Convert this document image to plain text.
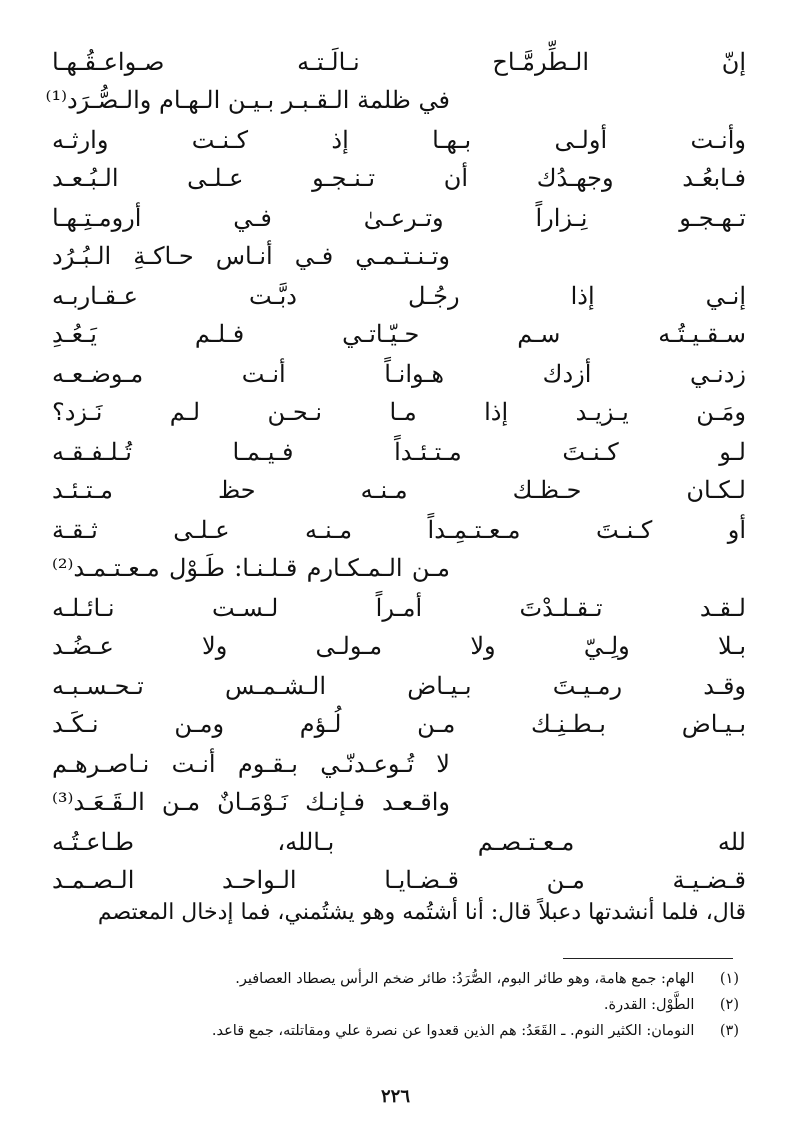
إنّ الـطِّرمَّـاح نـالَـتـه صـواعـقُـهـا
في ظلمة الـقـبـر بـيـن الـهـام والـصُّـرَد⁽¹⁾
وأنـت أولـى بـهـا إذ كـنـت وارثـه
فـابعُـد وجهـدُك أن تـنـجـو عـلـى الـبُـعـد
تـهـجـو نِـزاراً وتـرعـىٰ فـي أرومـتِـهـا
وتـنـتـمـي فـي أنـاس حـاكـةِ الـبُـرُد
إنـي إذا رجُـل دبَّـت عـقـاربـه
سـقـيـتُـه سـم حـيّـاتـي فـلـم يَـعُـدِ
زدنـي أزدك هـوانـاً أنـت مـوضـعـه
ومَـن يـزيـد إذا مـا نـحـن لـم نَـزد؟
لـو كـنـتَ مـتـئـداً فـيـمـا تُـلـفـقـه
لـكـان حـظـك مـنـه حظ مـتـئـد
أو كـنـتَ مـعـتـمِـداً مـنـه عـلـى ثـقـة
مـن الـمـكـارم قـلـنـا: طَـوْل مـعـتـمـد⁽²⁾
لـقـد تـقـلـدْتَ أمـراً لـسـت نـائـلـه
بـلا ولِـيّ ولا مـولـى ولا عـضُـد
وقـد رمـيـتَ بـيـاض الـشـمـس تـحـسـبـه
بـيـاض بـطـنِـك مـن لُـؤم ومـن نـكَـد
لا تُـوعـدنّـي بـقـوم أنـت نـاصـرهـم
واقـعـد فـإنـك نَـوْمَـانٌ مـن الـقَـعَـد⁽³⁾
لله مـعـتـصـم بـالله، طـاعـتُـه
قـضـيـة مـن قـضـايـا الـواحـد الـصـمـد
قال، فلما أنشدتها دعبلاً قال: أنا أشتُمه وهو يشتُمني، فما إدخال المعتصم
(١) الهام: جمع هامة، وهو طائر البوم، الصُّرَدُ: طائر ضخم الرأس يصطاد العصافير.
(٢) الطَّوْل: القدرة.
(٣) النومان: الكثير النوم. ـ القَعَدُ: هم الذين قعدوا عن نصرة علي ومقاتلته، جمع قاعد.
٢٢٦
